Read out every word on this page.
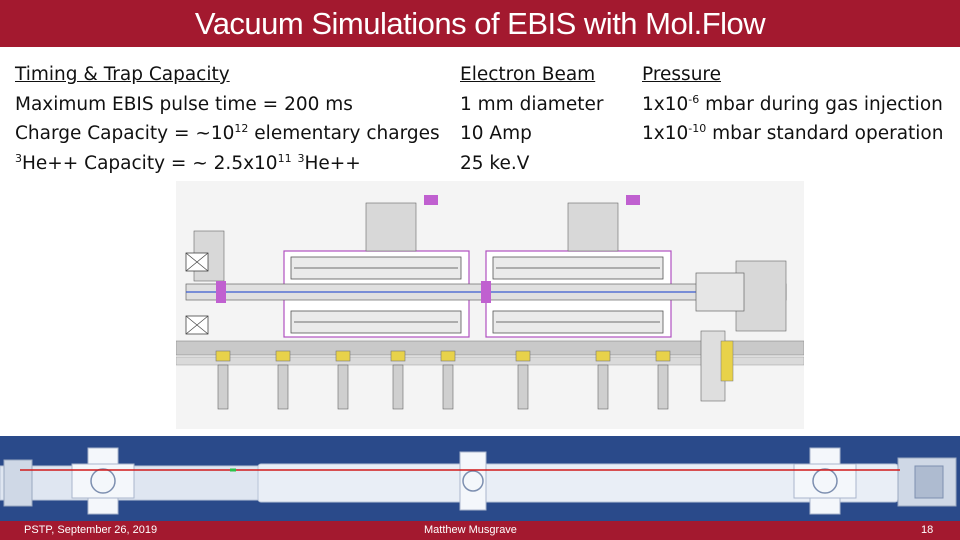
Vacuum Simulations of EBIS with Mol.Flow
Timing & Trap Capacity
Maximum EBIS pulse time = 200 ms
Charge Capacity = $\sim 10^{12}$ elementary charges
$^3$He++ Capacity = ~ $2.5x10^{11}$ $^3$He++
Electron Beam
1 mm diameter
10 Amp
25 ke.V
Pressure
$1x10^{-6}$ mbar during gas injection
$1x10^{-10}$ mbar standard operation
PSTP, September 26, 2019	Matthew Musgrave	18
